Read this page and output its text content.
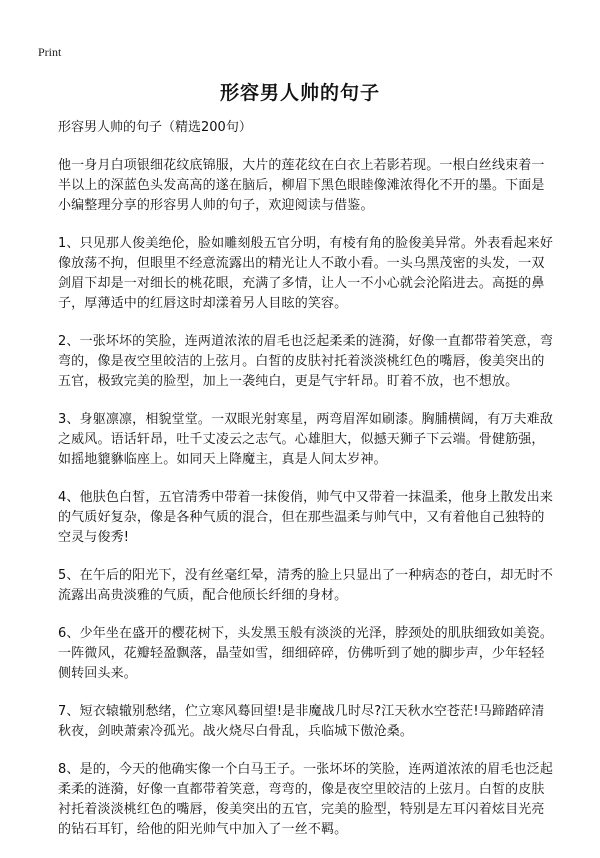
Print
形容男人帅的句子

形容男人帅的句子（精选200句）

他一身月白项银细花纹底锦服，大片的莲花纹在白衣上若影若现。一根白丝线束着一半以上的深蓝色头发高高的遂在脑后，柳眉下黑色眼睦像滩浓得化不开的墨。下面是小编整理分享的形容男人帅的句子，欢迎阅读与借鉴。

1、只见那人俊美绝伦，脸如雕刻般五官分明，有棱有角的脸俊美异常。外表看起来好像放荡不拘，但眼里不经意流露出的精光让人不敢小看。一头乌黑茂密的头发，一双剑眉下却是一对细长的桃花眼，充满了多情，让人一不小心就会沦陷进去。高挺的鼻子，厚薄适中的红唇这时却漾着另人目眩的笑容。

2、一张坏坏的笑脸，连两道浓浓的眉毛也泛起柔柔的涟漪，好像一直都带着笑意，弯弯的，像是夜空里皎洁的上弦月。白皙的皮肤衬托着淡淡桃红色的嘴唇，俊美突出的五官，极致完美的脸型，加上一袭纯白，更是气宇轩昂。盯着不放，也不想放。

3、身躯凛凛，相貌堂堂。一双眼光射寒星，两弯眉浑如刷漆。胸脯横阔，有万夫难敌之威风。语话轩昂，吐千丈凌云之志气。心雄胆大，似撼天狮子下云端。骨健筋强，如摇地貔貅临座上。如同天上降魔主，真是人间太岁神。

4、他肤色白皙，五官清秀中带着一抹俊俏，帅气中又带着一抹温柔，他身上散发出来的气质好复杂，像是各种气质的混合，但在那些温柔与帅气中，又有着他自己独特的空灵与俊秀!

5、在午后的阳光下，没有丝毫红晕，清秀的脸上只显出了一种病态的苍白，却无时不流露出高贵淡雅的气质，配合他颀长纤细的身材。

6、少年坐在盛开的樱花树下，头发黑玉般有淡淡的光泽，脖颈处的肌肤细致如美瓷。一阵微风，花瓣轻盈飘落，晶莹如雪，细细碎碎，仿佛听到了她的脚步声，少年轻轻侧转回头来。

7、短衣辕辙别愁绪，伫立寒风蓦回望!是非魔战几时尽?江天秋水空苍茫!马蹄踏碎清秋夜，剑映萧索冷孤光。战火烧尽白骨乱，兵临城下傲沧桑。

8、是的，今天的他确实像一个白马王子。一张坏坏的笑脸，连两道浓浓的眉毛也泛起柔柔的涟漪，好像一直都带着笑意，弯弯的，像是夜空里皎洁的上弦月。白皙的皮肤衬托着淡淡桃红色的嘴唇，俊美突出的五官，完美的脸型，特别是左耳闪着炫目光亮的钻石耳钉，给他的阳光帅气中加入了一丝不羁。
